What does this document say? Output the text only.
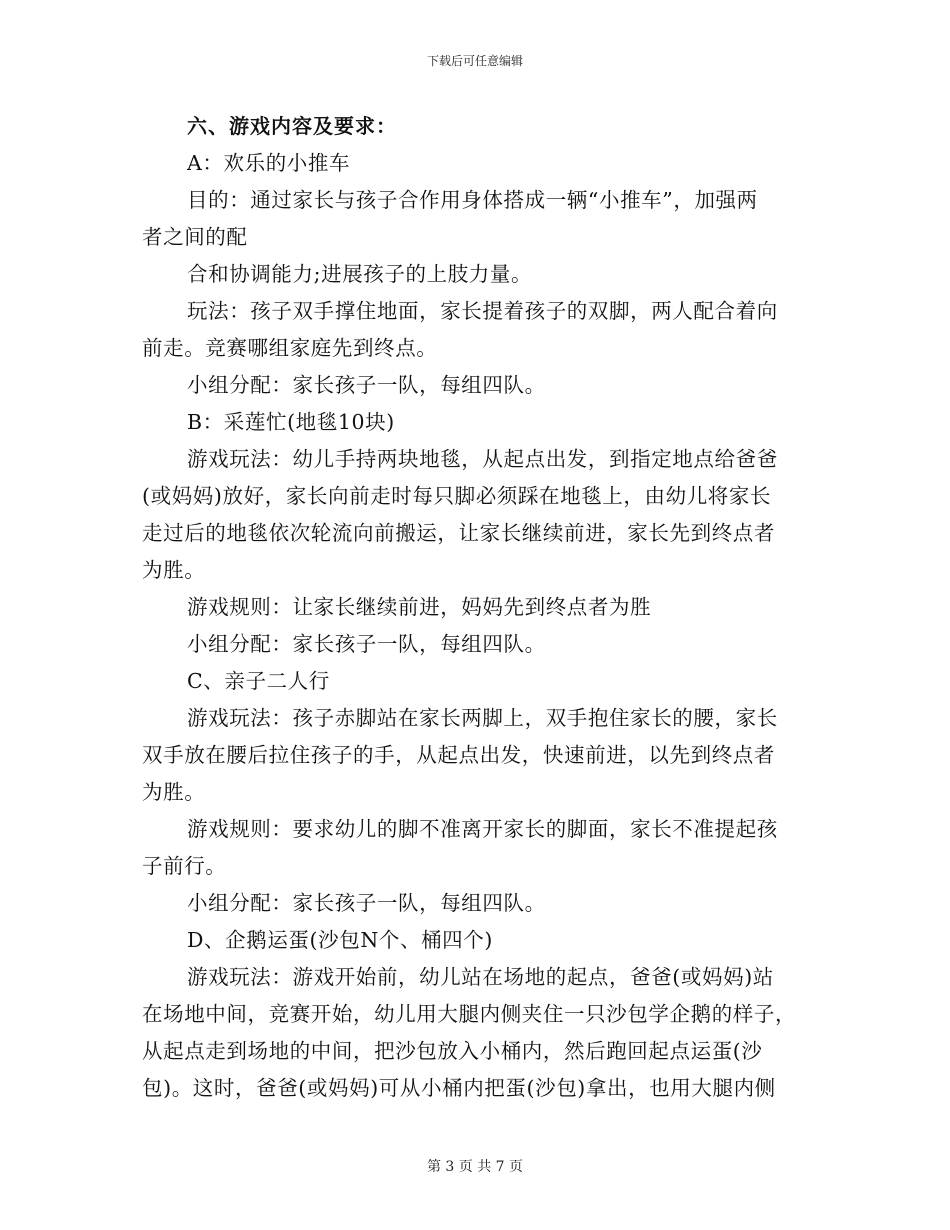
下载后可任意编辑
六、游戏内容及要求：
A：欢乐的小推车
目的：通过家长与孩子合作用身体搭成一辆“小推车”，加强两
者之间的配
合和协调能力;进展孩子的上肢力量。
玩法：孩子双手撑住地面，家长提着孩子的双脚，两人配合着向
前走。竞赛哪组家庭先到终点。
小组分配：家长孩子一队，每组四队。
B：采莲忙(地毯10块)
游戏玩法：幼儿手持两块地毯，从起点出发，到指定地点给爸爸
(或妈妈)放好，家长向前走时每只脚必须踩在地毯上，由幼儿将家长
走过后的地毯依次轮流向前搬运，让家长继续前进，家长先到终点者
为胜。
游戏规则：让家长继续前进，妈妈先到终点者为胜
小组分配：家长孩子一队，每组四队。
C、亲子二人行
游戏玩法：孩子赤脚站在家长两脚上，双手抱住家长的腰，家长
双手放在腰后拉住孩子的手，从起点出发，快速前进，以先到终点者
为胜。
游戏规则：要求幼儿的脚不准离开家长的脚面，家长不准提起孩
子前行。
小组分配：家长孩子一队，每组四队。
D、企鹅运蛋(沙包N个、桶四个)
游戏玩法：游戏开始前，幼儿站在场地的起点，爸爸(或妈妈)站
在场地中间，竞赛开始，幼儿用大腿内侧夹住一只沙包学企鹅的样子，
从起点走到场地的中间，把沙包放入小桶内，然后跑回起点运蛋(沙
包)。这时，爸爸(或妈妈)可从小桶内把蛋(沙包)拿出，也用大腿内侧
第 3 页 共 7 页
